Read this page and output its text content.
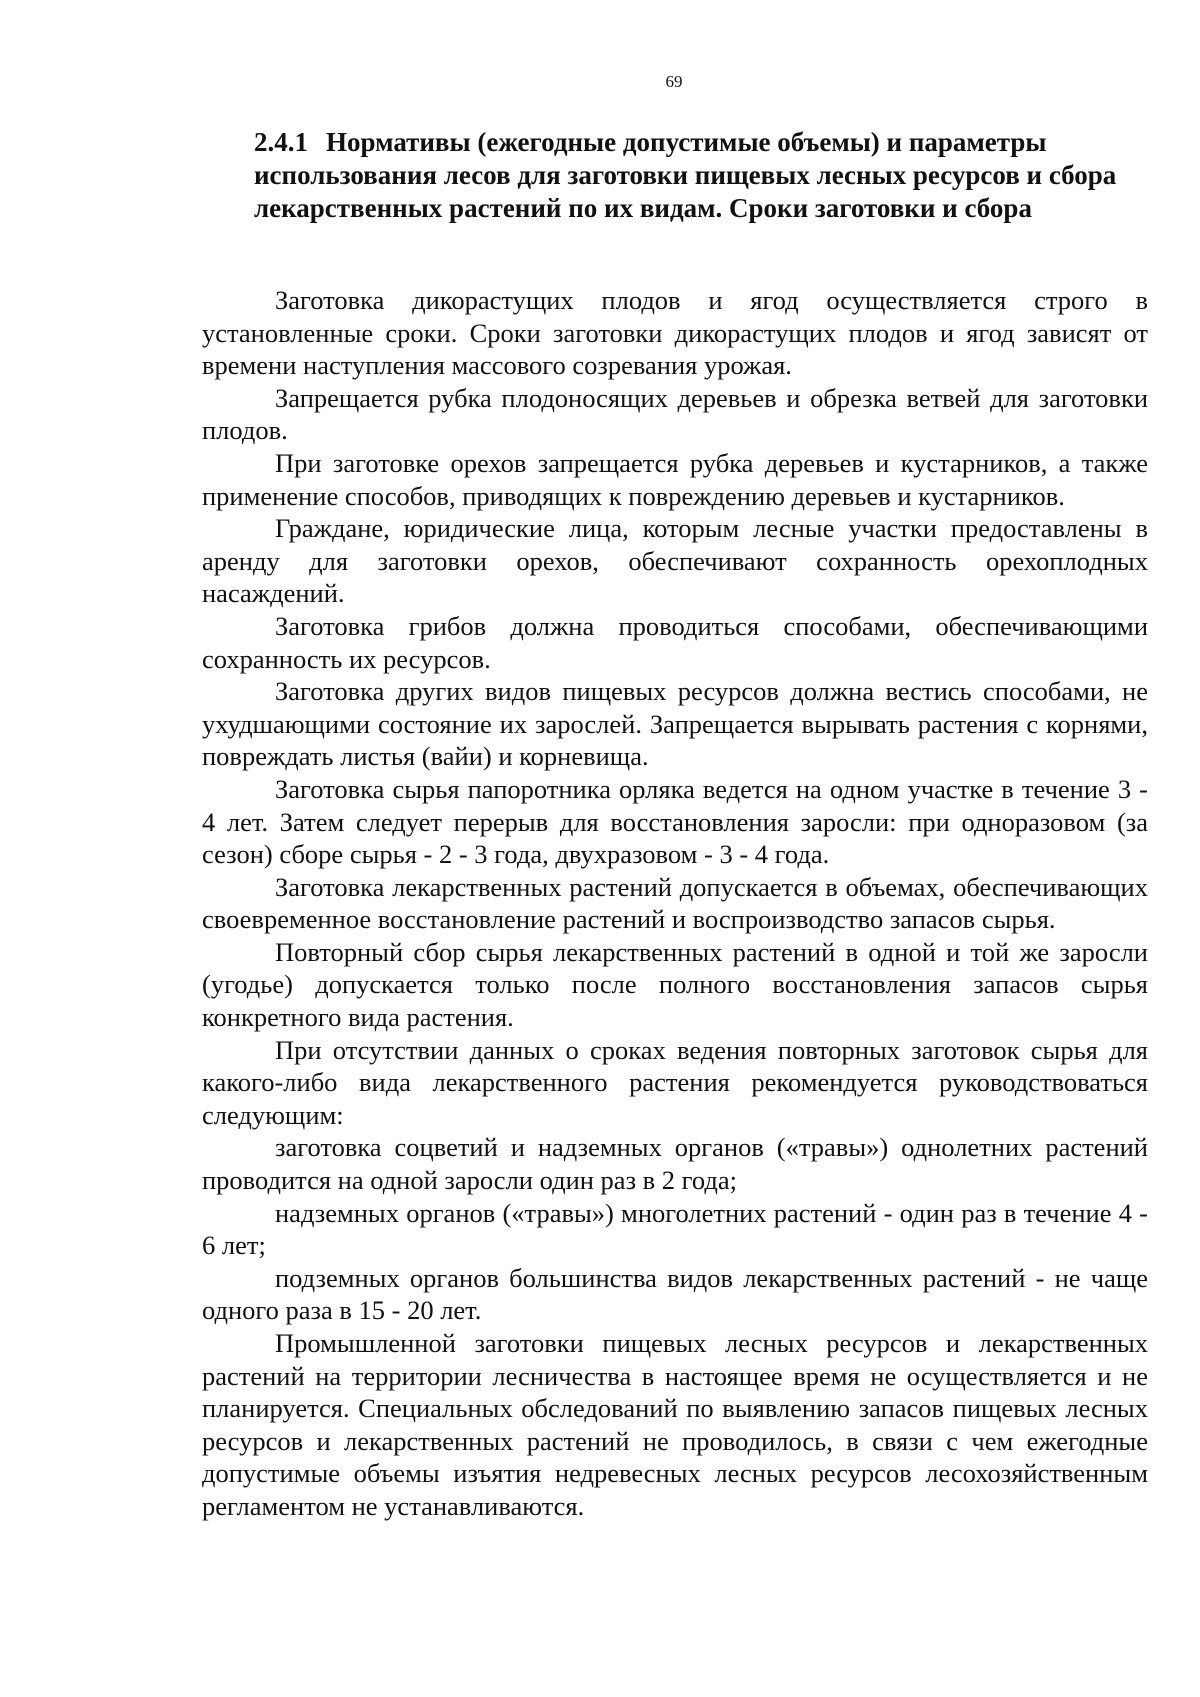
69
2.4.1 Нормативы (ежегодные допустимые объемы) и параметры использования лесов для заготовки пищевых лесных ресурсов и сбора лекарственных растений по их видам. Сроки заготовки и сбора

Заготовка дикорастущих плодов и ягод осуществляется строго в установленные сроки. Сроки заготовки дикорастущих плодов и ягод зависят от времени наступления массового созревания урожая.

Запрещается рубка плодоносящих деревьев и обрезка ветвей для заготовки плодов.

При заготовке орехов запрещается рубка деревьев и кустарников, а также применение способов, приводящих к повреждению деревьев и кустарников.

Граждане, юридические лица, которым лесные участки предоставлены в аренду для заготовки орехов, обеспечивают сохранность орехоплодных насаждений.

Заготовка грибов должна проводиться способами, обеспечивающими сохранность их ресурсов.

Заготовка других видов пищевых ресурсов должна вестись способами, не ухудшающими состояние их зарослей. Запрещается вырывать растения с корнями, повреждать листья (вайи) и корневища.

Заготовка сырья папоротника орляка ведется на одном участке в течение 3 - 4 лет. Затем следует перерыв для восстановления заросли: при одноразовом (за сезон) сборе сырья - 2 - 3 года, двухразовом - 3 - 4 года.

Заготовка лекарственных растений допускается в объемах, обеспечивающих своевременное восстановление растений и воспроизводство запасов сырья.

Повторный сбор сырья лекарственных растений в одной и той же заросли (угодье) допускается только после полного восстановления запасов сырья конкретного вида растения.

При отсутствии данных о сроках ведения повторных заготовок сырья для какого-либо вида лекарственного растения рекомендуется руководствоваться следующим:

заготовка соцветий и надземных органов («травы») однолетних растений проводится на одной заросли один раз в 2 года;

надземных органов («травы») многолетних растений - один раз в течение 4 - 6 лет;

подземных органов большинства видов лекарственных растений - не чаще одного раза в 15 - 20 лет.

Промышленной заготовки пищевых лесных ресурсов и лекарственных растений на территории лесничества в настоящее время не осуществляется и не планируется. Специальных обследований по выявлению запасов пищевых лесных ресурсов и лекарственных растений не проводилось, в связи с чем ежегодные допустимые объемы изъятия недревесных лесных ресурсов лесохозяйственным регламентом не устанавливаются.
